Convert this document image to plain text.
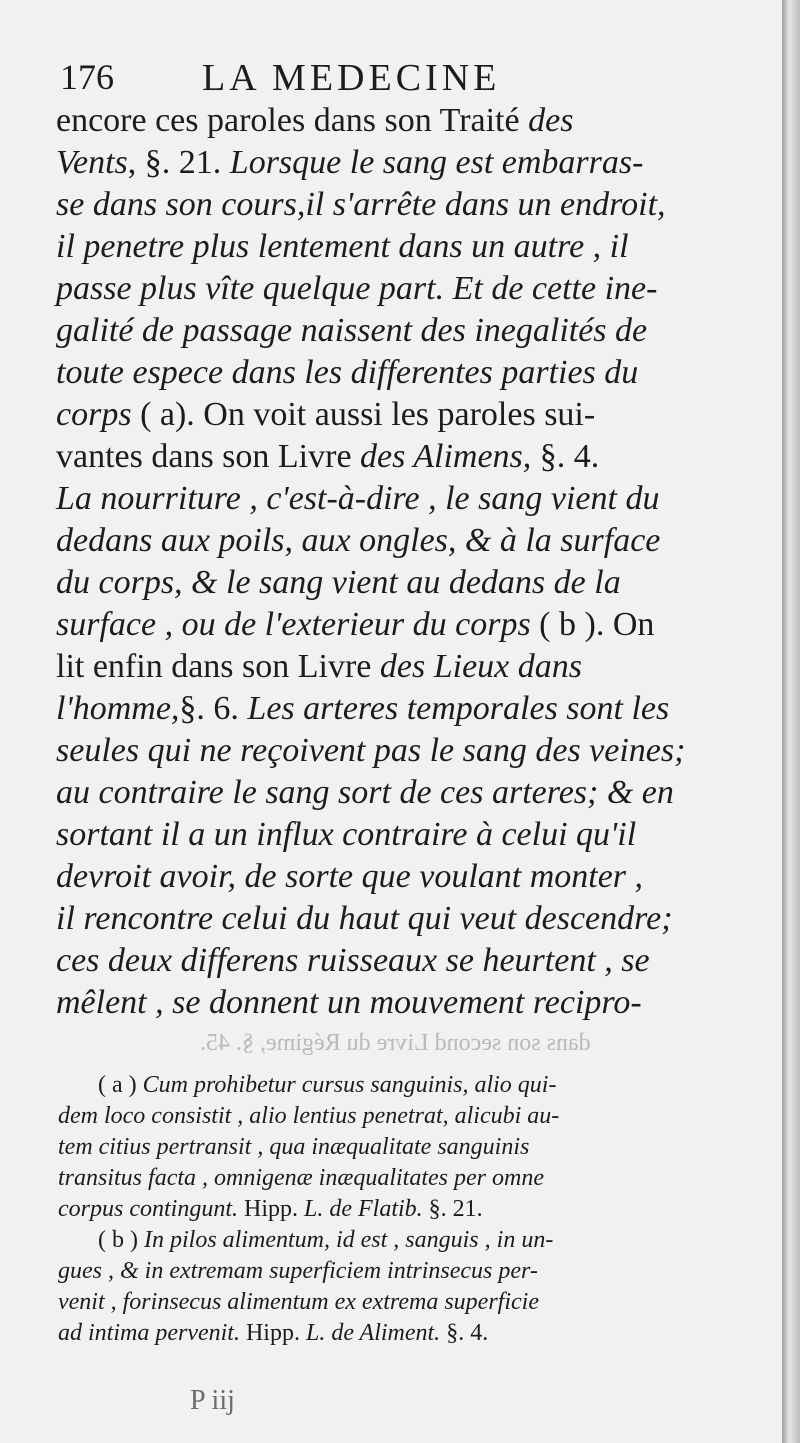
176 LA MEDECINE
encore ces paroles dans son Traité des
Vents, §. 21. Lorsque le sang est embarras-
se dans son cours,il s'arrête dans un endroit,
il penetre plus lentement dans un autre , il
passe plus vîte quelque part. Et de cette ine-
galité de passage naissent des inegalités de
toute espece dans les differentes parties du
corps ( a). On voit aussi les paroles sui-
vantes dans son Livre des Alimens, §. 4.
La nourriture , c'est-à-dire , le sang vient du
dedans aux poils, aux ongles, & à la surface
du corps, & le sang vient au dedans de la
surface , ou de l'exterieur du corps ( b ). On
lit enfin dans son Livre des Lieux dans
l'homme,§. 6. Les arteres temporales sont les
seules qui ne reçoivent pas le sang des veines;
au contraire le sang sort de ces arteres; & en
sortant il a un influx contraire à celui qu'il
devroit avoir, de sorte que voulant monter ,
il rencontre celui du haut qui veut descendre;
ces deux differens ruisseaux se heurtent , se
mêlent , se donnent un mouvement recipro-
dans son second Livre du Régime, §. 45.
( a ) Cum prohibetur cursus sanguinis, alio qui-
dem loco consistit , alio lentius penetrat, alicubi au-
tem citius pertransit , qua inæqualitate sanguinis
transitus facta , omnigenæ inæqualitates per omne
corpus contingunt. Hipp. L. de Flatib. §. 21.
( b ) In pilos alimentum, id est , sanguis , in un-
gues , & in extremam superficiem intrinsecus per-
venit , forinsecus alimentum ex extrema superficie
ad intima pervenit. Hipp. L. de Aliment. §. 4.
P iij
